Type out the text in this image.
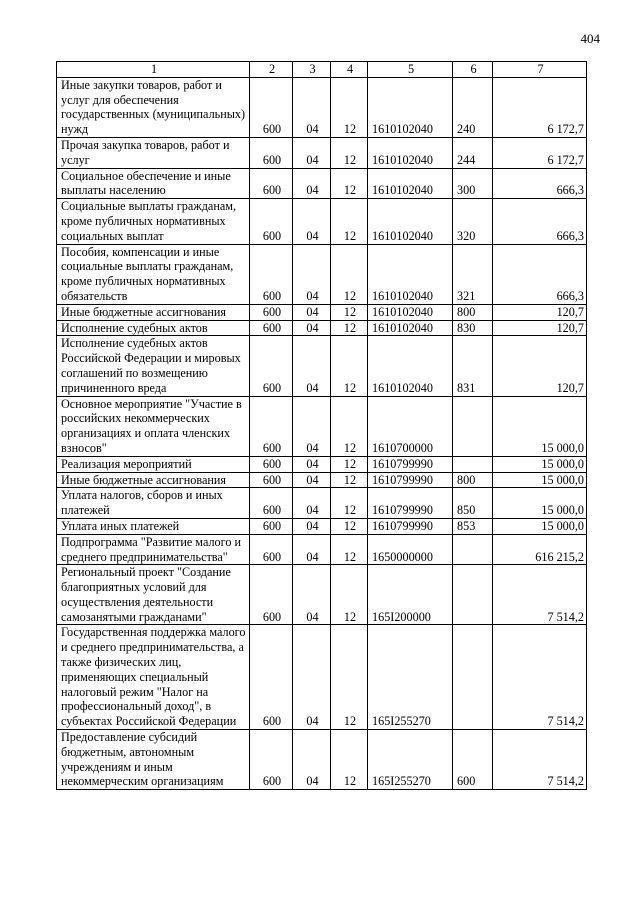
404
1	2	3	4	5	6	7
Иные закупки товаров, работ и услуг для обеспечения государственных (муниципальных) нужд	600	04	12	1610102040	240	6 172,7
Прочая закупка товаров, работ и услуг	600	04	12	1610102040	244	6 172,7
Социальное обеспечение и иные выплаты населению	600	04	12	1610102040	300	666,3
Социальные выплаты гражданам, кроме публичных нормативных социальных выплат	600	04	12	1610102040	320	666,3
Пособия, компенсации и иные социальные выплаты гражданам, кроме публичных нормативных обязательств	600	04	12	1610102040	321	666,3
Иные бюджетные ассигнования	600	04	12	1610102040	800	120,7
Исполнение судебных актов	600	04	12	1610102040	830	120,7
Исполнение судебных актов Российской Федерации и мировых соглашений по возмещению причиненного вреда	600	04	12	1610102040	831	120,7
Основное мероприятие "Участие в российских некоммерческих организациях и оплата членских взносов"	600	04	12	1610700000		15 000,0
Реализация мероприятий	600	04	12	1610799990		15 000,0
Иные бюджетные ассигнования	600	04	12	1610799990	800	15 000,0
Уплата налогов, сборов и иных платежей	600	04	12	1610799990	850	15 000,0
Уплата иных платежей	600	04	12	1610799990	853	15 000,0
Подпрограмма "Развитие малого и среднего предпринимательства"	600	04	12	1650000000		616 215,2
Региональный проект "Создание благоприятных условий для осуществления деятельности самозанятыми гражданами"	600	04	12	165I200000		7 514,2
Государственная поддержка малого и среднего предпринимательства, а также физических лиц, применяющих специальный налоговый режим "Налог на профессиональный доход", в субъектах Российской Федерации	600	04	12	165I255270		7 514,2
Предоставление субсидий бюджетным, автономным учреждениям и иным некоммерческим организациям	600	04	12	165I255270	600	7 514,2
